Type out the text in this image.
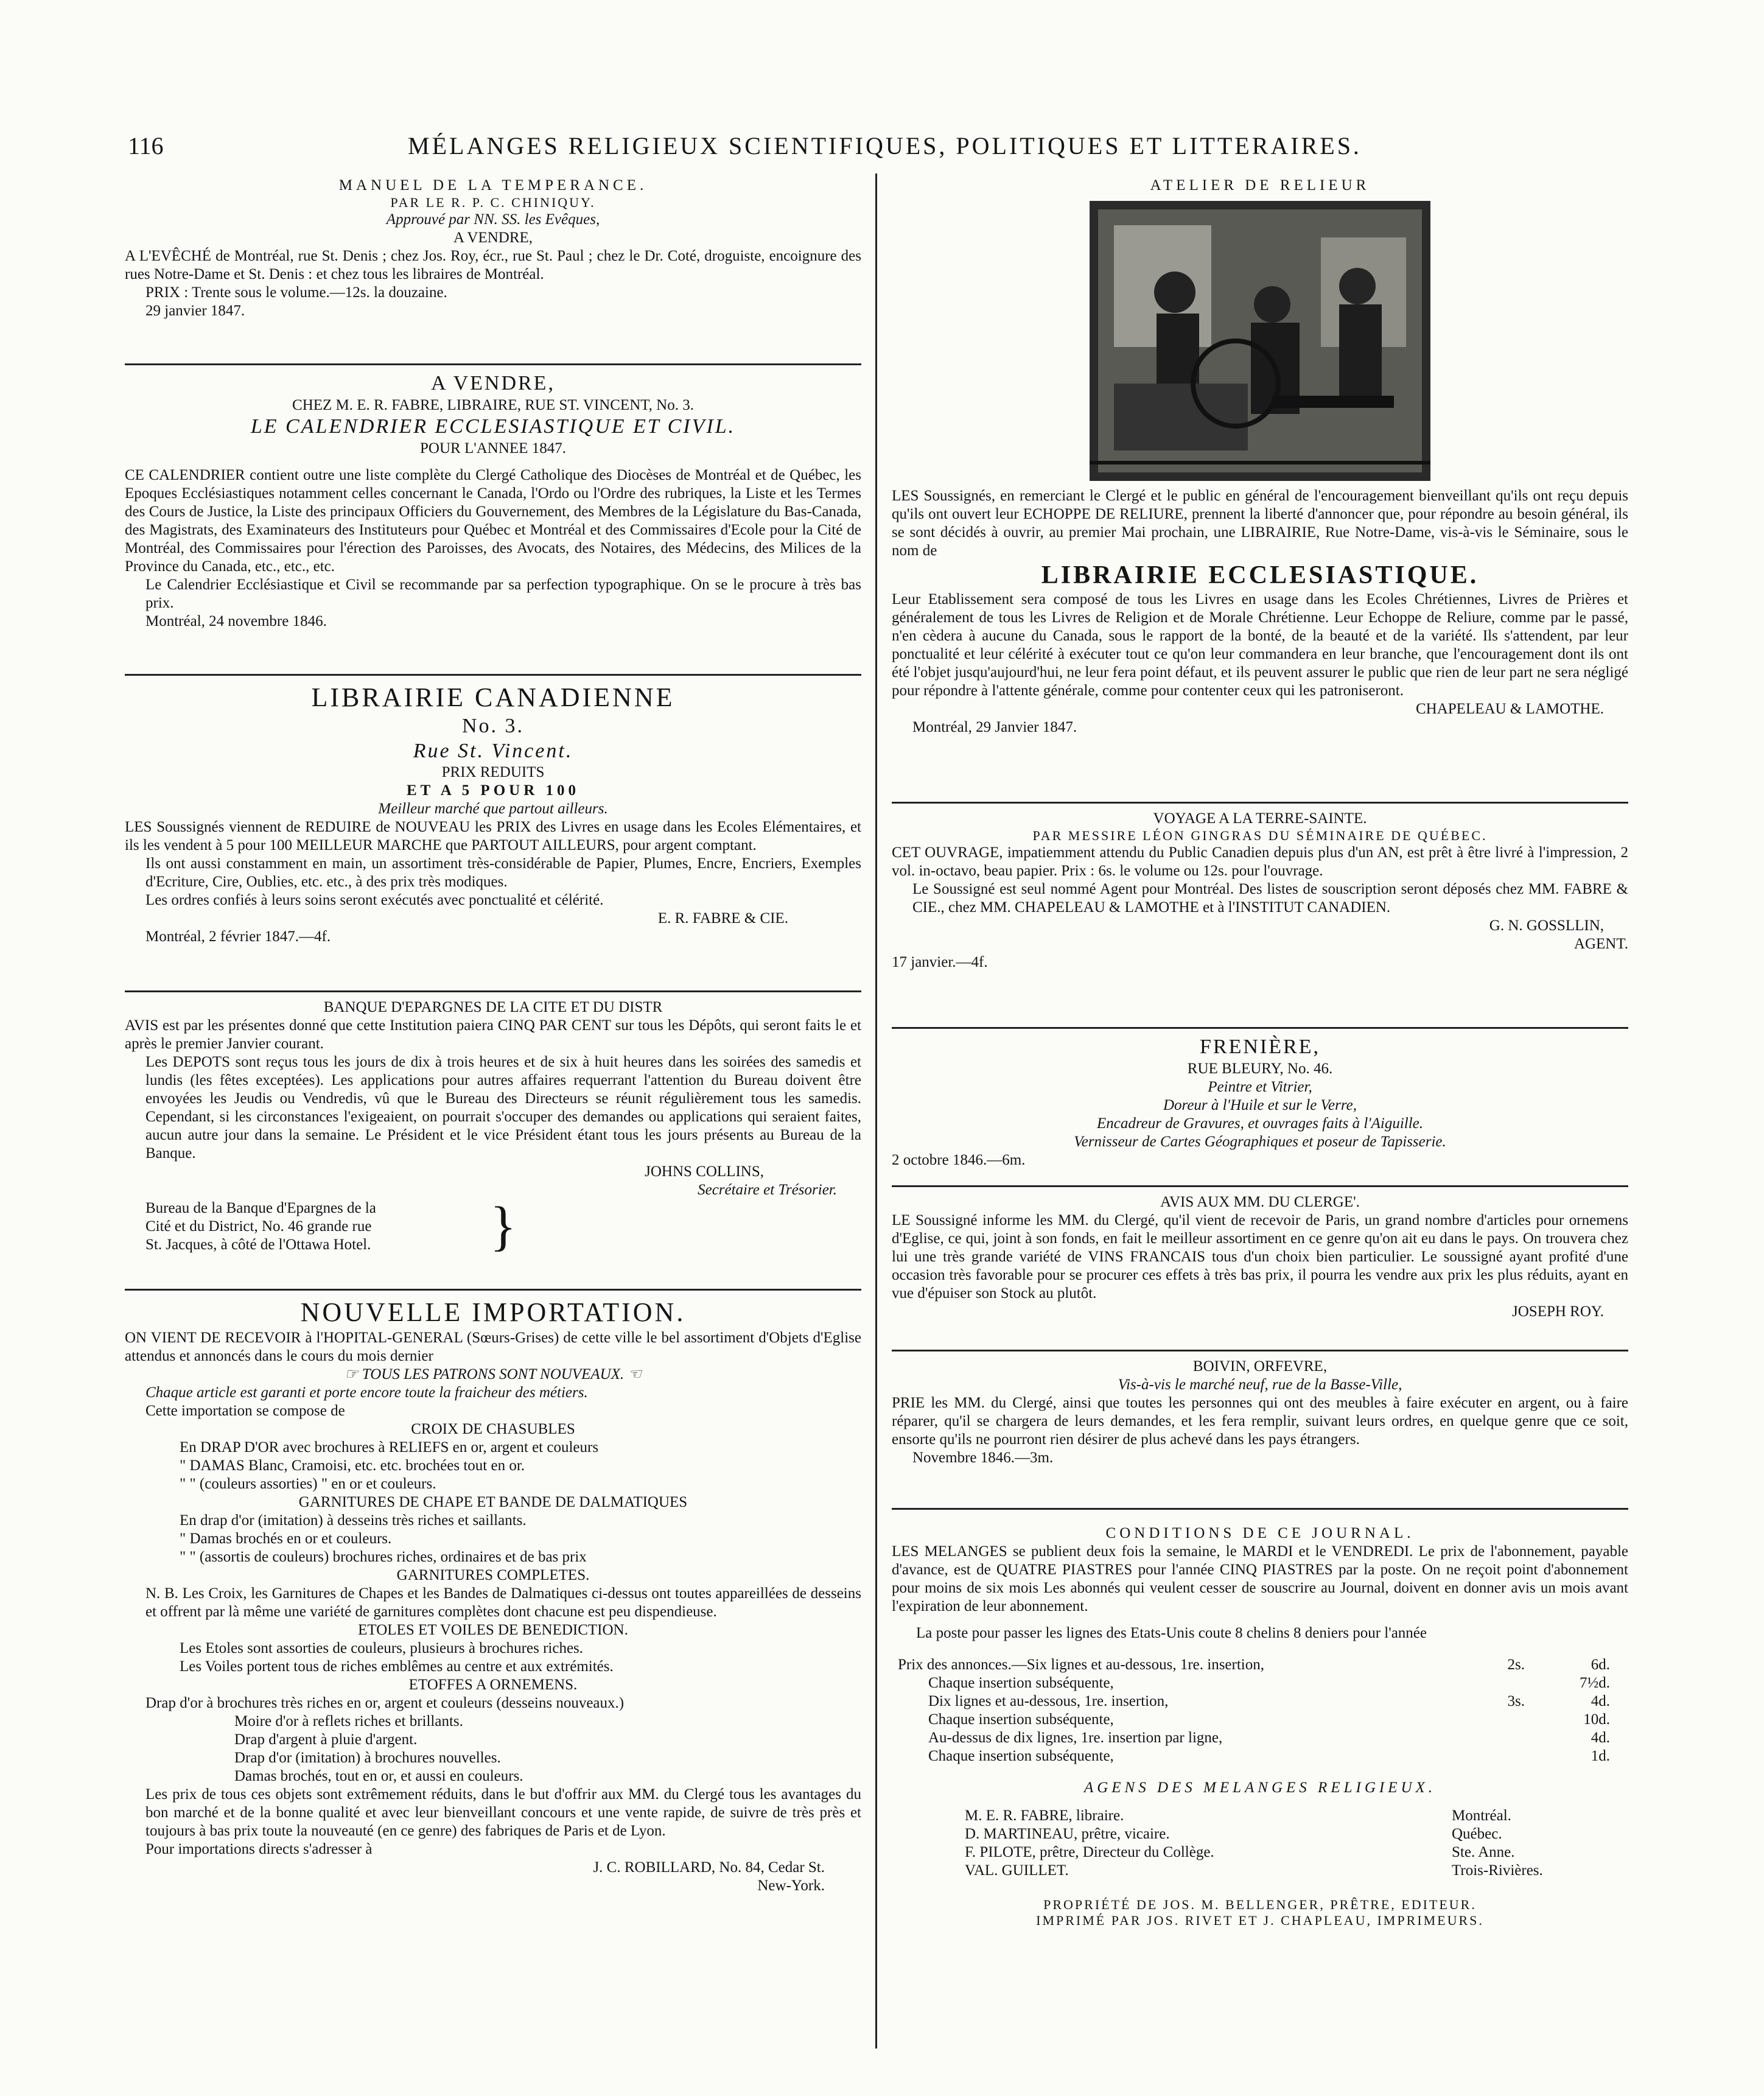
116	MÉLANGES RELIGIEUX SCIENTIFIQUES, POLITIQUES ET LITTERAIRES.

MANUEL DE LA TEMPERANCE.

PAR LE R. P. C. CHINIQUY.

Approuvé par NN. SS. les Evêques,

A VENDRE,

A L'EVÊCHÉ de Montréal, rue St. Denis ; chez Jos. Roy, écr., rue St. Paul ; chez le Dr. Coté, droguiste, encoignure des rues Notre-Dame et St. Denis : et chez tous les libraires de Montréal.

PRIX : Trente sous le volume.—12s. la douzaine.

29 janvier 1847.

A VENDRE,

CHEZ M. E. R. FABRE, LIBRAIRE, RUE ST. VINCENT, No. 3.

LE CALENDRIER ECCLESIASTIQUE ET CIVIL.

POUR L'ANNEE 1847.

CE CALENDRIER contient outre une liste complète du Clergé Catholique des Diocèses de Montréal et de Québec, les Epoques Ecclésiastiques notamment celles concernant le Canada, l'Ordo ou l'Ordre des rubriques, la Liste et les Termes des Cours de Justice, la Liste des principaux Officiers du Gouvernement, des Membres de la Législature du Bas-Canada, des Magistrats, des Examinateurs des Instituteurs pour Québec et Montréal et des Commissaires d'Ecole pour la Cité de Montréal, des Commissaires pour l'érection des Paroisses, des Avocats, des Notaires, des Médecins, des Milices de la Province du Canada, etc., etc., etc.

Le Calendrier Ecclésiastique et Civil se recommande par sa perfection typographique. On se le procure à très bas prix.

Montréal, 24 novembre 1846.

LIBRAIRIE CANADIENNE

No. 3.

Rue St. Vincent.

PRIX REDUITS

ET A 5 POUR 100

Meilleur marché que partout ailleurs.

LES Soussignés viennent de REDUIRE de NOUVEAU les PRIX des Livres en usage dans les Ecoles Elémentaires, et ils les vendent à 5 pour 100 MEILLEUR MARCHE que PARTOUT AILLEURS, pour argent comptant.

Ils ont aussi constamment en main, un assortiment très-considérable de Papier, Plumes, Encre, Encriers, Exemples d'Ecriture, Cire, Oublies, etc. etc., à des prix très modiques.

Les ordres confiés à leurs soins seront exécutés avec ponctualité et célérité.

E. R. FABRE & CIE.

Montréal, 2 février 1847.—4f.

BANQUE D'EPARGNES DE LA CITE ET DU DISTR

AVIS est par les présentes donné que cette Institution paiera CINQ PAR CENT sur tous les Dépôts, qui seront faits le et après le premier Janvier courant.

Les DEPOTS sont reçus tous les jours de dix à trois heures et de six à huit heures dans les soirées des samedis et lundis (les fêtes exceptées). Les applications pour autres affaires requerrant l'attention du Bureau doivent être envoyées les Jeudis ou Vendredis, vû que le Bureau des Directeurs se réunit régulièrement tous les samedis. Cependant, si les circonstances l'exigeaient, on pourrait s'occuper des demandes ou applications qui seraient faites, aucun autre jour dans la semaine. Le Président et le vice Président étant tous les jours présents au Bureau de la Banque.

JOHNS COLLINS,

Secrétaire et Trésorier.

Bureau de la Banque d'Epargnes de la

Cité et du District, No. 46 grande rue

St. Jacques, à côté de l'Ottawa Hotel.	}

NOUVELLE IMPORTATION.

ON VIENT DE RECEVOIR à l'HOPITAL-GENERAL (Sœurs-Grises) de cette ville le bel assortiment d'Objets d'Eglise attendus et annoncés dans le cours du mois dernier

☞ TOUS LES PATRONS SONT NOUVEAUX. ☜

Chaque article est garanti et porte encore toute la fraicheur des métiers.

Cette importation se compose de

CROIX DE CHASUBLES

En DRAP D'OR avec brochures à RELIEFS en or, argent et couleurs

" DAMAS Blanc, Cramoisi, etc. etc. brochées tout en or.

" " (couleurs assorties) " en or et couleurs.

GARNITURES DE CHAPE ET BANDE DE DALMATIQUES

En drap d'or (imitation) à desseins très riches et saillants.

" Damas brochés en or et couleurs.

" " (assortis de couleurs) brochures riches, ordinaires et de bas prix

GARNITURES COMPLETES.

N. B. Les Croix, les Garnitures de Chapes et les Bandes de Dalmatiques ci-dessus ont toutes appareillées de desseins et offrent par là même une variété de garnitures complètes dont chacune est peu dispendieuse.

ETOLES ET VOILES DE BENEDICTION.

Les Etoles sont assorties de couleurs, plusieurs à brochures riches.

Les Voiles portent tous de riches emblêmes au centre et aux extrémités.

ETOFFES A ORNEMENS.

Drap d'or à brochures très riches en or, argent et couleurs (desseins nouveaux.)

Moire d'or à reflets riches et brillants.

Drap d'argent à pluie d'argent.

Drap d'or (imitation) à brochures nouvelles.

Damas brochés, tout en or, et aussi en couleurs.

Les prix de tous ces objets sont extrêmement réduits, dans le but d'offrir aux MM. du Clergé tous les avantages du bon marché et de la bonne qualité et avec leur bienveillant concours et une vente rapide, de suivre de très près et toujours à bas prix toute la nouveauté (en ce genre) des fabriques de Paris et de Lyon.

Pour importations directs s'adresser à

J. C. ROBILLARD, No. 84, Cedar St.

New-York.

ATELIER DE RELIEUR

LES Soussignés, en remerciant le Clergé et le public en général de l'encouragement bienveillant qu'ils ont reçu depuis qu'ils ont ouvert leur ECHOPPE DE RELIURE, prennent la liberté d'annoncer que, pour répondre au besoin général, ils se sont décidés à ouvrir, au premier Mai prochain, une LIBRAIRIE, Rue Notre-Dame, vis-à-vis le Séminaire, sous le nom de

LIBRAIRIE ECCLESIASTIQUE.

Leur Etablissement sera composé de tous les Livres en usage dans les Ecoles Chrétiennes, Livres de Prières et généralement de tous les Livres de Religion et de Morale Chrétienne. Leur Echoppe de Reliure, comme par le passé, n'en cèdera à aucune du Canada, sous le rapport de la bonté, de la beauté et de la variété. Ils s'attendent, par leur ponctualité et leur célérité à exécuter tout ce qu'on leur commandera en leur branche, que l'encouragement dont ils ont été l'objet jusqu'aujourd'hui, ne leur fera point défaut, et ils peuvent assurer le public que rien de leur part ne sera négligé pour répondre à l'attente générale, comme pour contenter ceux qui les patroniseront.

CHAPELEAU & LAMOTHE.

Montréal, 29 Janvier 1847.

VOYAGE A LA TERRE-SAINTE.

PAR MESSIRE LÉON GINGRAS DU SÉMINAIRE DE QUÉBEC.

CET OUVRAGE, impatiemment attendu du Public Canadien depuis plus d'un AN, est prêt à être livré à l'impression, 2 vol. in-octavo, beau papier. Prix : 6s. le volume ou 12s. pour l'ouvrage.

Le Soussigné est seul nommé Agent pour Montréal. Des listes de souscription seront déposés chez MM. FABRE & CIE., chez MM. CHAPELEAU & LAMOTHE et à l'INSTITUT CANADIEN.

G. N. GOSSLLIN,

AGENT.

17 janvier.—4f.

FRENIÈRE,

RUE BLEURY, No. 46.

Peintre et Vitrier,

Doreur à l'Huile et sur le Verre,

Encadreur de Gravures, et ouvrages faits à l'Aiguille.

Vernisseur de Cartes Géographiques et poseur de Tapisserie.

2 octobre 1846.—6m.

AVIS AUX MM. DU CLERGE'.

LE Soussigné informe les MM. du Clergé, qu'il vient de recevoir de Paris, un grand nombre d'articles pour ornemens d'Eglise, ce qui, joint à son fonds, en fait le meilleur assortiment en ce genre qu'on ait eu dans le pays. On trouvera chez lui une très grande variété de VINS FRANCAIS tous d'un choix bien particulier. Le soussigné ayant profité d'une occasion très favorable pour se procurer ces effets à très bas prix, il pourra les vendre aux prix les plus réduits, ayant en vue d'épuiser son Stock au plutôt.

JOSEPH ROY.

BOIVIN, ORFEVRE,

Vis-à-vis le marché neuf, rue de la Basse-Ville,

PRIE les MM. du Clergé, ainsi que toutes les personnes qui ont des meubles à faire exécuter en argent, ou à faire réparer, qu'il se chargera de leurs demandes, et les fera remplir, suivant leurs ordres, en quelque genre que ce soit, ensorte qu'ils ne pourront rien désirer de plus achevé dans les pays étrangers.

Novembre 1846.—3m.

CONDITIONS DE CE JOURNAL.

LES MELANGES se publient deux fois la semaine, le MARDI et le VENDREDI. Le prix de l'abonnement, payable d'avance, est de QUATRE PIASTRES pour l'année CINQ PIASTRES par la poste. On ne reçoit point d'abonnement pour moins de six mois Les abonnés qui veulent cesser de souscrire au Journal, doivent en donner avis un mois avant l'expiration de leur abonnement.

La poste pour passer les lignes des Etats-Unis coute 8 chelins 8 deniers pour l'année

Prix des annonces.—Six lignes et au-dessous, 1re. insertion,	2s.	6d.
Chaque insertion subséquente,	7½d.
Dix lignes et au-dessous, 1re. insertion,	3s.	4d.
Chaque insertion subséquente,	10d.
Au-dessus de dix lignes, 1re. insertion par ligne,	4d.
Chaque insertion subséquente,	1d.

AGENS DES MELANGES RELIGIEUX.

M. E. R. FABRE, libraire.	Montréal.
D. MARTINEAU, prêtre, vicaire.	Québec.
F. PILOTE, prêtre, Directeur du Collège.	Ste. Anne.
VAL. GUILLET.	Trois-Rivières.

PROPRIÉTÉ DE JOS. M. BELLENGER, PRÊTRE, EDITEUR.

IMPRIMÉ PAR JOS. RIVET ET J. CHAPLEAU, IMPRIMEURS.
